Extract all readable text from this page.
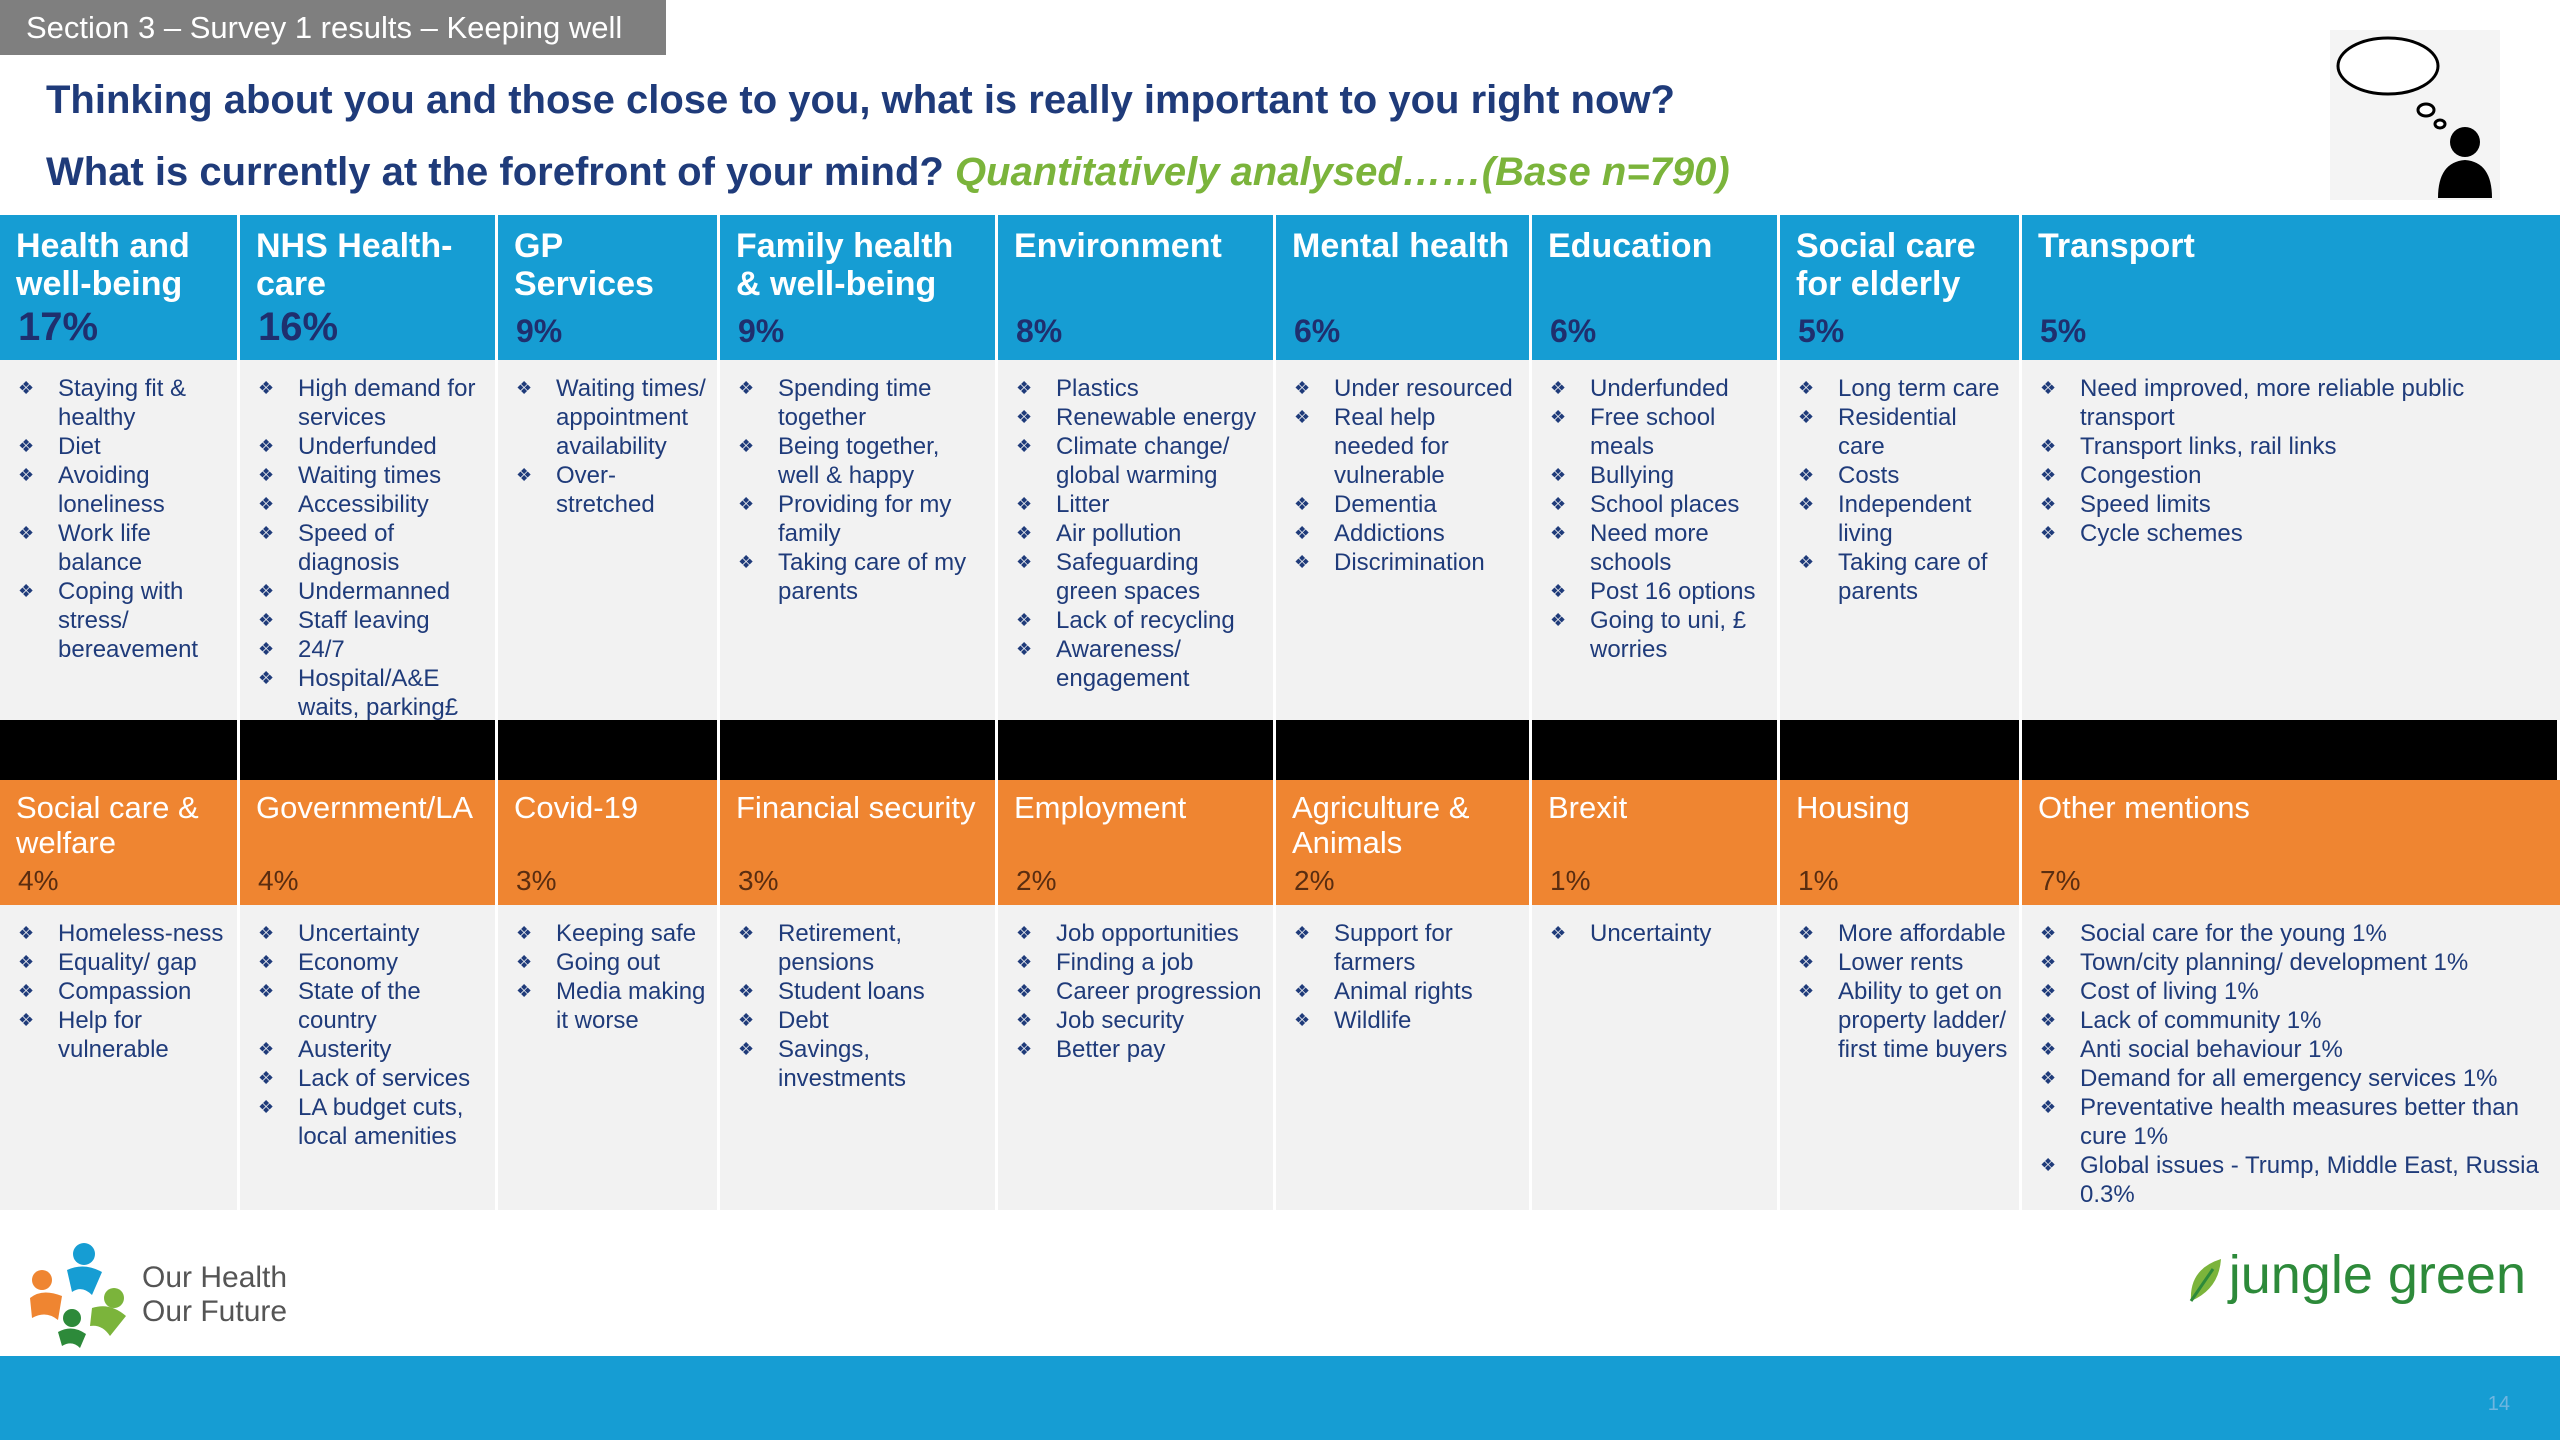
Section 3 – Survey 1 results – Keeping well
Thinking about you and those close to you, what is really important to you right now?
What is currently at the forefront of your mind? Quantitatively analysed……(Base n=790)
Health and well-being
17%
NHS Health-care
16%
GP Services
9%
Family health & well-being
9%
Environment
8%
Mental health
6%
Education
6%
Social care for elderly
5%
Transport
5%
❖ Staying fit & healthy
❖ Diet
❖ Avoiding loneliness
❖ Work life balance
❖ Coping with stress/ bereavement
❖ High demand for services
❖ Underfunded
❖ Waiting times
❖ Accessibility
❖ Speed of diagnosis
❖ Undermanned
❖ Staff leaving
❖ 24/7
❖ Hospital/A&E waits, parking£
❖ Waiting times/ appointment availability
❖ Over-stretched
❖ Spending time together
❖ Being together, well & happy
❖ Providing for my family
❖ Taking care of my parents
❖ Plastics
❖ Renewable energy
❖ Climate change/ global warming
❖ Litter
❖ Air pollution
❖ Safeguarding green spaces
❖ Lack of recycling
❖ Awareness/ engagement
❖ Under resourced
❖ Real help needed for vulnerable
❖ Dementia
❖ Addictions
❖ Discrimination
❖ Underfunded
❖ Free school meals
❖ Bullying
❖ School places
❖ Need more schools
❖ Post 16 options
❖ Going to uni, £ worries
❖ Long term care
❖ Residential care
❖ Costs
❖ Independent living
❖ Taking care of parents
❖ Need improved, more reliable public transport
❖ Transport links, rail links
❖ Congestion
❖ Speed limits
❖ Cycle schemes
Social care & welfare
4%
Government/LA
4%
Covid-19
3%
Financial security
3%
Employment
2%
Agriculture & Animals
2%
Brexit
1%
Housing
1%
Other mentions
7%
❖ Homeless-ness
❖ Equality/ gap
❖ Compassion
❖ Help for vulnerable
❖ Uncertainty
❖ Economy
❖ State of the country
❖ Austerity
❖ Lack of services
❖ LA budget cuts, local amenities
❖ Keeping safe
❖ Going out
❖ Media making it worse
❖ Retirement, pensions
❖ Student loans
❖ Debt
❖ Savings, investments
❖ Job opportunities
❖ Finding a job
❖ Career progression
❖ Job security
❖ Better pay
❖ Support for farmers
❖ Animal rights
❖ Wildlife
❖ Uncertainty
❖	More affordable
❖ Lower rents
❖ Ability to get on property ladder/ first time buyers
❖ Social care for the young 1%
❖ Town/city planning/ development 1%
❖ Cost of living 1%
❖ Lack of community 1%
❖ Anti social behaviour 1%
❖ Demand for all emergency services 1%
❖ Preventative health measures better than cure 1%
❖ Global issues - Trump, Middle East, Russia 0.3%
Our Health
Our Future
jungle green
14
